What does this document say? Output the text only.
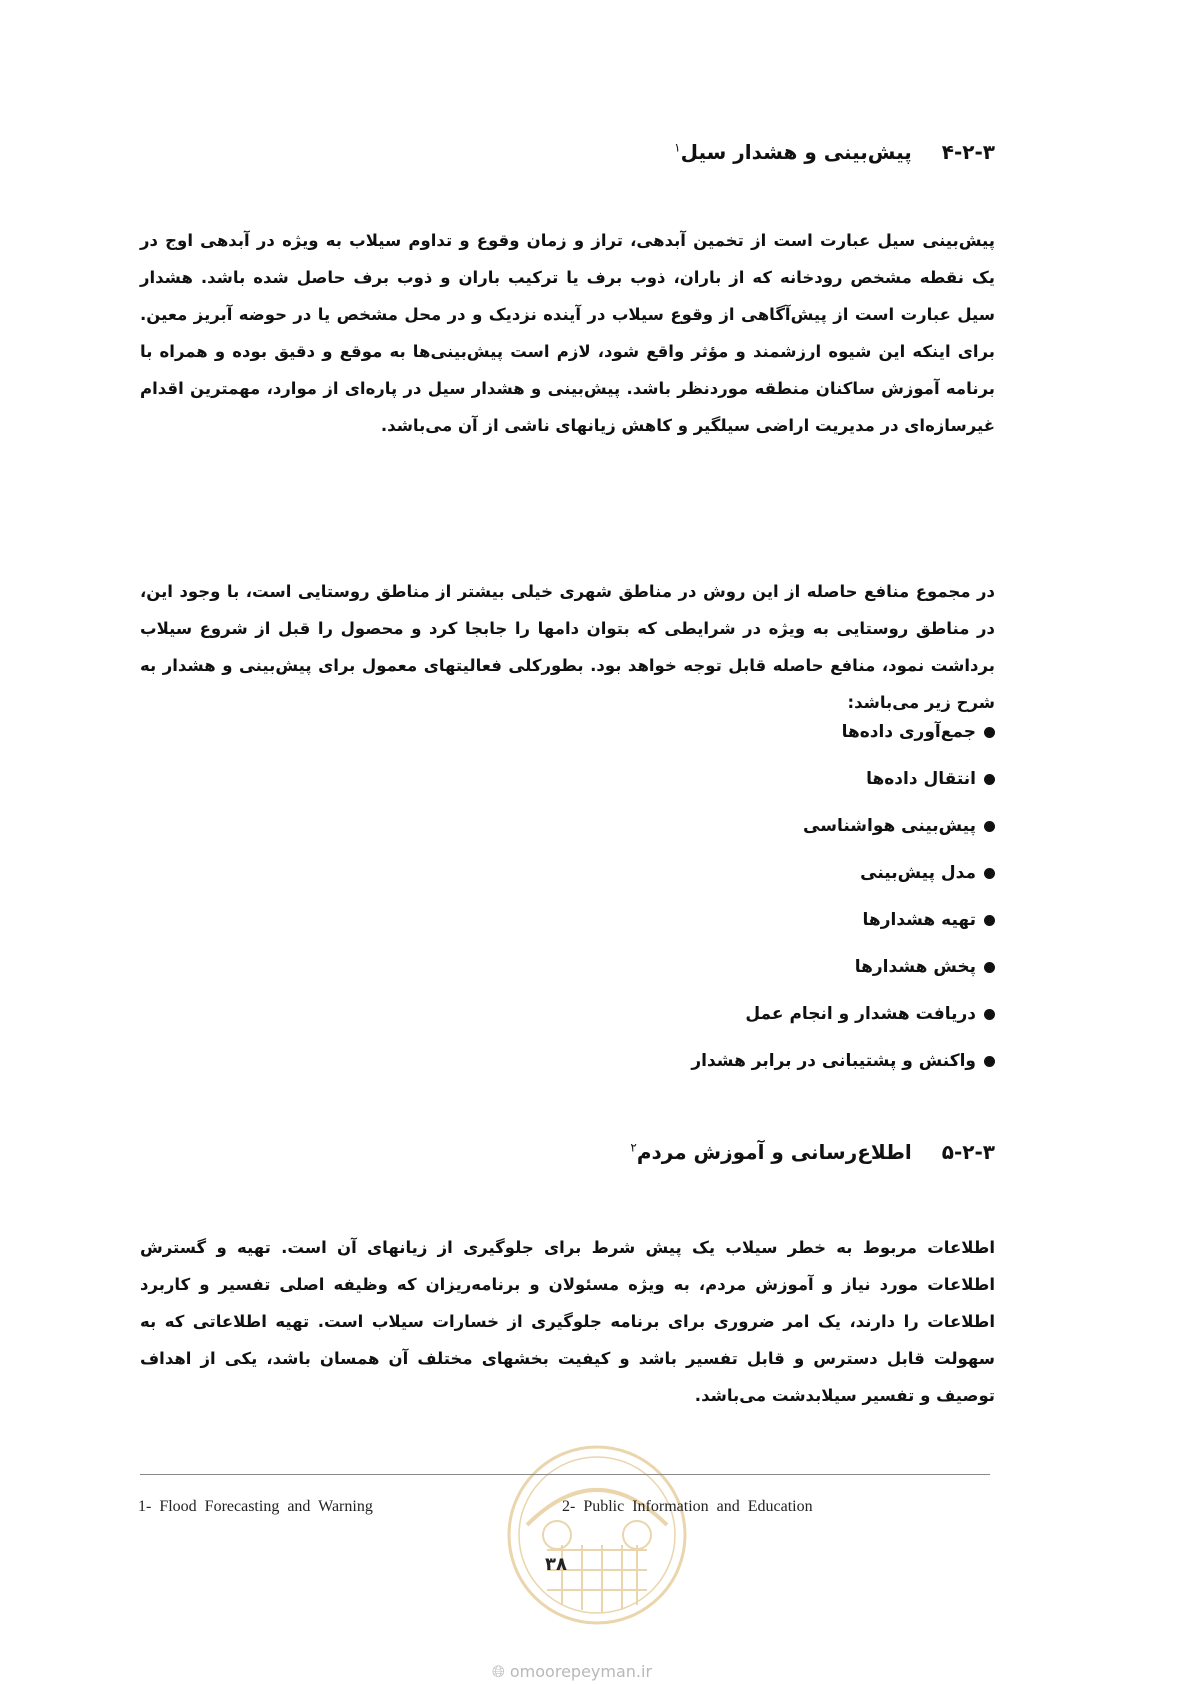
۴-۲-۳پیش‌بینی و هشدار سیل$^۱$

پیش‌بینی سیل عبارت است از تخمین آبدهی، تراز و زمان وقوع و تداوم سیلاب به ویژه در آبدهی اوج در یک نقطه مشخص رودخانه که از باران، ذوب برف یا ترکیب باران و ذوب برف حاصل شده باشد. هشدار سیل عبارت است از پیش‌آگاهی از وقوع سیلاب در آینده نزدیک و در محل مشخص یا در حوضه آبریز معین. برای اینکه این شیوه ارزشمند و مؤثر واقع شود، لازم است پیش‌بینی‌ها به موقع و دقیق بوده و همراه با برنامه آموزش ساکنان منطقه موردنظر باشد. پیش‌بینی و هشدار سیل در پاره‌ای از موارد، مهمترین اقدام غیرسازه‌ای در مدیریت اراضی سیلگیر و کاهش زیانهای ناشی از آن می‌باشد.

در مجموع منافع حاصله از این روش در مناطق شهری خیلی بیشتر از مناطق روستایی است، با وجود این، در مناطق روستایی به ویژه در شرایطی که بتوان دامها را جابجا کرد و محصول را قبل از شروع سیلاب برداشت نمود، منافع حاصله قابل توجه خواهد بود. بطورکلی فعالیتهای معمول برای پیش‌بینی و هشدار به شرح زیر می‌باشد:

جمع‌آوری داده‌ها
انتقال داده‌ها
پیش‌بینی هواشناسی
مدل پیش‌بینی
تهیه هشدارها
پخش هشدارها
دریافت هشدار و انجام عمل
واکنش و پشتیبانی در برابر هشدار
۵-۲-۳اطلاع‌رسانی و آموزش مردم$^۲$

اطلاعات مربوط به خطر سیلاب یک پیش شرط برای جلوگیری از زیانهای آن است. تهیه و گسترش اطلاعات مورد نیاز و آموزش مردم، به ویژه مسئولان و برنامه‌ریزان که وظیفه اصلی تفسیر و کاربرد اطلاعات را دارند، یک امر ضروری برای برنامه جلوگیری از خسارات سیلاب است. تهیه اطلاعاتی که به سهولت قابل دسترس و قابل تفسیر باشد و کیفیت بخشهای مختلف آن همسان باشد، یکی از اهداف توصیف و تفسیر سیلابدشت می‌باشد.

1- Flood Forecasting and Warning	2- Public Information and Education
۳۸
🌐︎ omoorepeyman.ir
